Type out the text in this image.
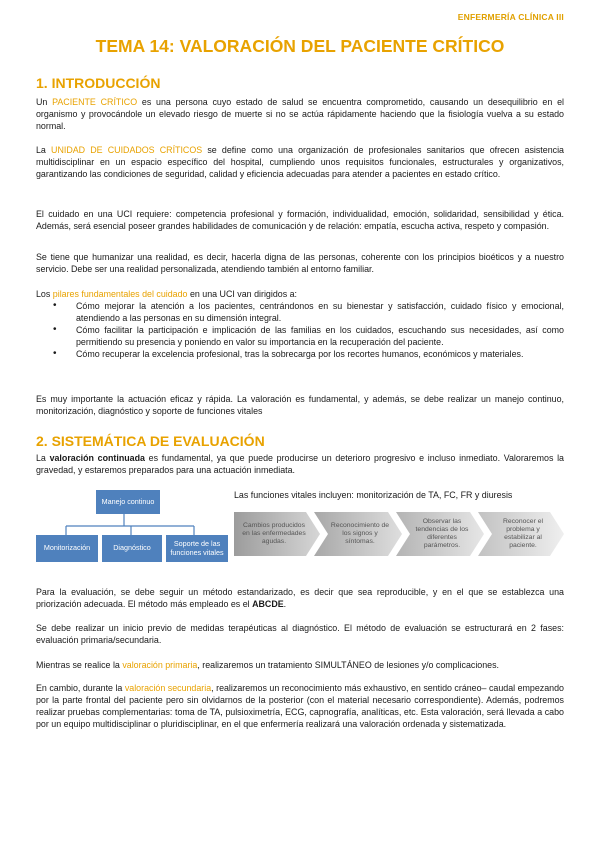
ENFERMERÍA CLÍNICA III
TEMA 14: VALORACIÓN DEL PACIENTE CRÍTICO
1. INTRODUCCIÓN

Un PACIENTE CRÍTICO es una persona cuyo estado de salud se encuentra comprometido, causando un desequilibrio en el organismo y provocándole un elevado riesgo de muerte si no se actúa rápidamente haciendo que la fisiología vuelva a su estado normal.

La UNIDAD DE CUIDADOS CRÍTICOS se define como una organización de profesionales sanitarios que ofrecen asistencia multidisciplinar en un espacio específico del hospital, cumpliendo unos requisitos funcionales, estructurales y organizativos, garantizando las condiciones de seguridad, calidad y eficiencia adecuadas para atender a pacientes en estado crítico.

El cuidado en una UCI requiere: competencia profesional y formación, individualidad, emoción, solidaridad, sensibilidad y ética. Además, será esencial poseer grandes habilidades de comunicación y de relación: empatía, escucha activa, respeto y compasión.

Se tiene que humanizar una realidad, es decir, hacerla digna de las personas, coherente con los principios bioéticos y a nuestro servicio. Debe ser una realidad personalizada, atendiendo también al entorno familiar.

Los pilares fundamentales del cuidado en una UCI van dirigidos a:

• Cómo mejorar la atención a los pacientes, centrándonos en su bienestar y satisfacción, cuidado físico y emocional, atendiendo a las personas en su dimensión integral.
• Cómo facilitar la participación e implicación de las familias en los cuidados, escuchando sus necesidades, así como permitiendo su presencia y poniendo en valor su importancia en la recuperación del paciente.
• Cómo recuperar la excelencia profesional, tras la sobrecarga por los recortes humanos, económicos y materiales.

Es muy importante la actuación eficaz y rápida. La valoración es fundamental, y además, se debe realizar un manejo continuo, monitorización, diagnóstico y soporte de funciones vitales

2. SISTEMÁTICA DE EVALUACIÓN

La valoración continuada es fundamental, ya que puede producirse un deterioro progresivo e incluso inmediato. Valoraremos la gravedad, y estaremos preparados para una actuación inmediata.

Manejo continuo
Monitorización	Diagnóstico	Soporte de las funciones vitales
Las funciones vitales incluyen: monitorización de TA, FC, FR y diuresis
Cambios producidos en las enfermedades agudas.
Reconocimiento de los signos y síntomas.
Observar las tendencias de los diferentes parámetros.
Reconocer el problema y estabilizar al paciente.

Para la evaluación, se debe seguir un método estandarizado, es decir que sea reproducible, y en el que se establezca una priorización adecuada. El método más empleado es el ABCDE.

Se debe realizar un inicio previo de medidas terapéuticas al diagnóstico. El método de evaluación se estructurará en 2 fases: evaluación primaria/secundaria.

Mientras se realice la valoración primaria, realizaremos un tratamiento SIMULTÁNEO de lesiones y/o complicaciones.

En cambio, durante la valoración secundaria, realizaremos un reconocimiento más exhaustivo, en sentido cráneo– caudal empezando por la parte frontal del paciente pero sin olvidarnos de la posterior (con el material necesario correspondiente). Además, podremos realizar pruebas complementarias: toma de TA, pulsioximetría, ECG, capnografía, analíticas, etc. Esta valoración, será llevada a cabo por un equipo multidisciplinar o pluridisciplinar, en el que enfermería realizará una valoración ordenada y sistematizada.
